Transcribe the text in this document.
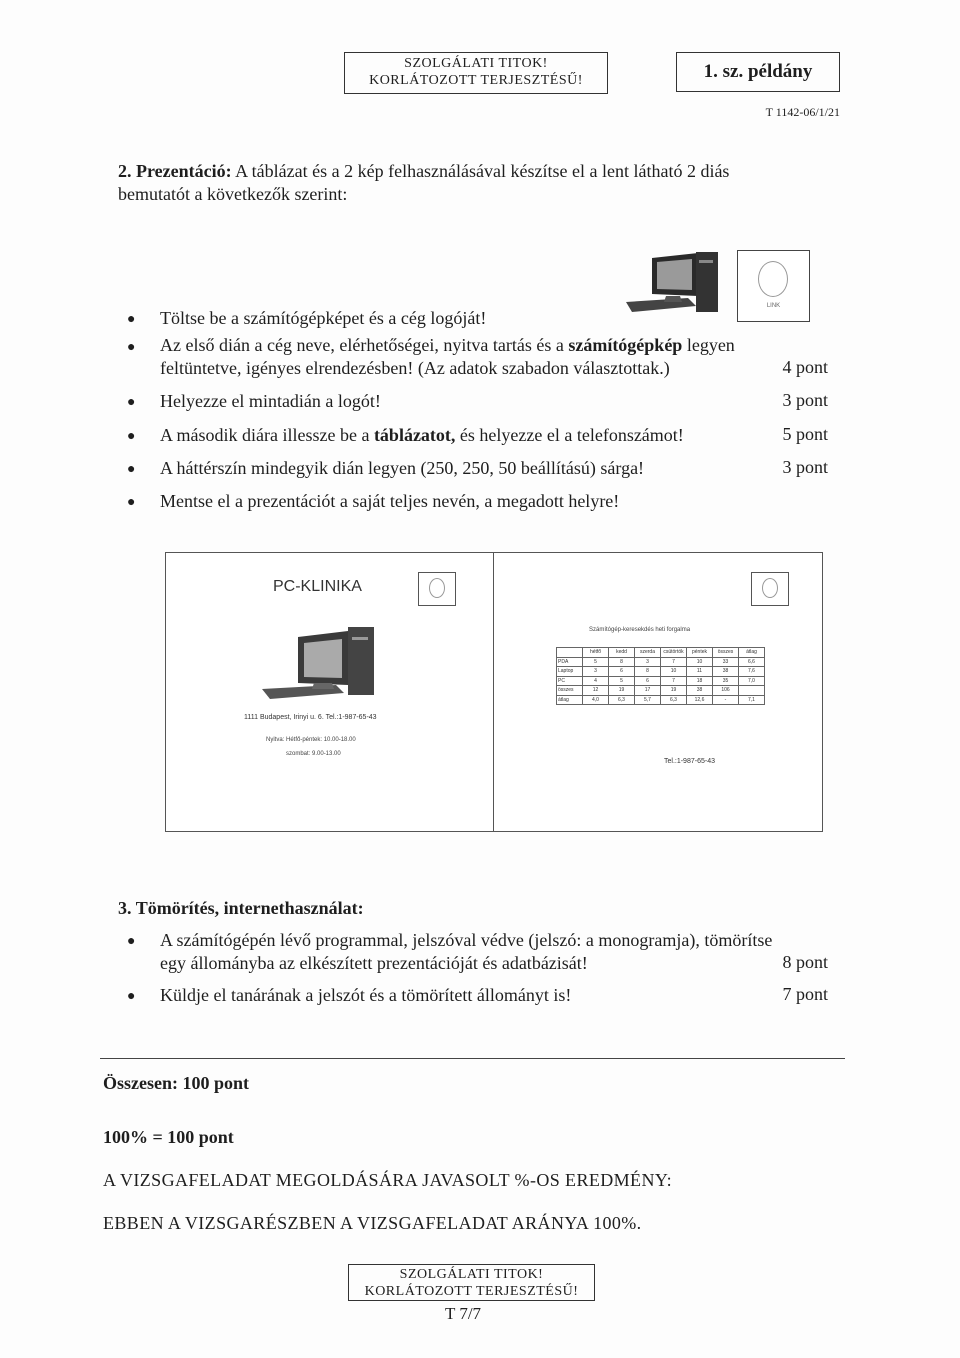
SZOLGÁLATI TITOK!
KORLÁTOZOTT TERJESZTÉSŰ!	1. sz. példány
T 1142-06/1/21
2. Prezentáció: A táblázat és a 2 kép felhasználásával készítse el a lent látható 2 diás
bemutatót a következők szerint:
LINK
● Töltse be a számítógépképet és a cég logóját!
● Az első dián a cég neve, elérhetőségei, nyitva tartás és a számítógépkép legyen
feltüntetve, igényes elrendezésben! (Az adatok szabadon választottak.)	4 pont
● Helyezze el mintadián a logót!	3 pont
● A második diára illessze be a táblázatot, és helyezze el a telefonszámot!	5 pont
● A háttérszín mindegyik dián legyen (250, 250, 50 beállítású) sárga!	3 pont
● Mentse el a prezentációt a saját teljes nevén, a megadott helyre!
PC-KLINIKA
1111 Budapest, Irinyi u. 6. Tel.:1-987-65-43
Nyitva: Hétfő-péntek: 10.00-18.00
szombat: 9.00-13.00
Számítógép-keresekdés heti forgalma
	hétfő	kedd	szerda	csütörtök	péntek	összes	átlag
PDA	5	8	3	7	10	33	6,6
Laptop	3	6	8	10	11	38	7,6
PC	4	5	6	7	18	35	7,0
összes	12	19	17	19	38	106	
átlag	4,0	6,3	5,7	6,3	12,6	-	7,1
Tel.:1-987-65-43
3. Tömörítés, internethasználat:
● A számítógépén lévő programmal, jelszóval védve (jelszó: a monogramja), tömörítse
egy állományba az elkészített prezentációját és adatbázisát!	8 pont
● Küldje el tanárának a jelszót és a tömörített állományt is!	7 pont
Összesen: 100 pont
100% = 100 pont
A VIZSGAFELADAT MEGOLDÁSÁRA JAVASOLT %-OS EREDMÉNY:
EBBEN A VIZSGARÉSZBEN A VIZSGAFELADAT ARÁNYA 100%.
SZOLGÁLATI TITOK!
KORLÁTOZOTT TERJESZTÉSŰ!
T 7/7
